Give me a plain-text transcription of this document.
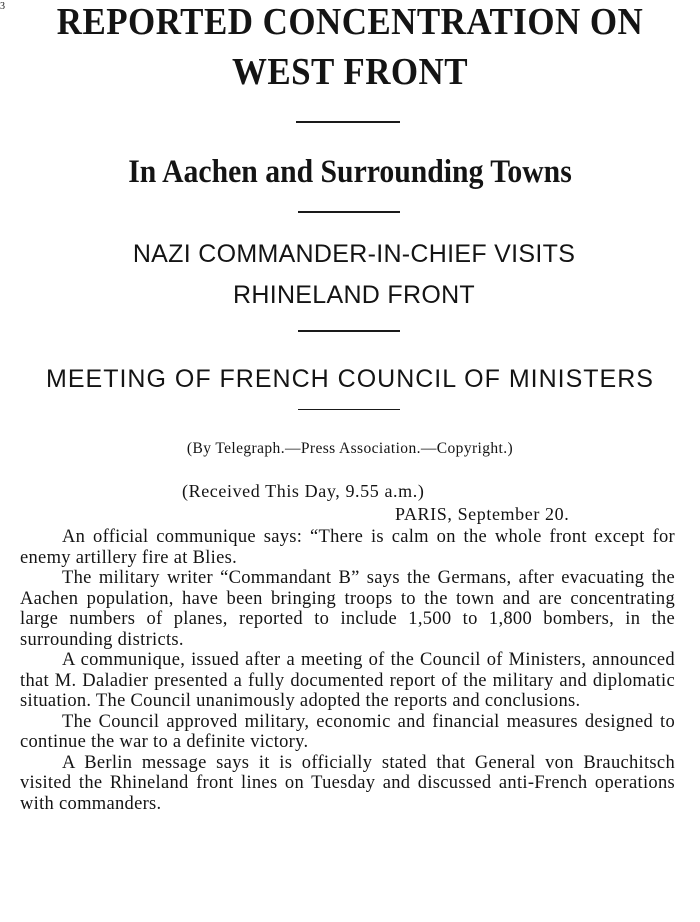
3	REPORTED CONCENTRATION ON
WEST FRONT
In Aachen and Surrounding Towns
NAZI COMMANDER-IN-CHIEF VISITS
RHINELAND FRONT
MEETING OF FRENCH COUNCIL OF MINISTERS
(By Telegraph.—Press Association.—Copyright.)
(Received This Day, 9.55 a.m.)
PARIS, September 20.

An official communique says: “There is calm on the whole front except for enemy artillery fire at Blies.

The military writer “Commandant B” says the Germans, after evacuating the Aachen population, have been bringing troops to the town and are concentrating large numbers of planes, reported to include 1,500 to 1,800 bombers, in the surrounding districts.

A communique, issued after a meeting of the Council of Ministers, announced that M. Daladier presented a fully documented report of the military and diplomatic situation. The Council unanimously adopted the reports and conclusions.

The Council approved military, economic and financial measures designed to continue the war to a definite victory.

A Berlin message says it is officially stated that General von Brauchitsch visited the Rhineland front lines on Tuesday and discussed anti-French operations with commanders.
